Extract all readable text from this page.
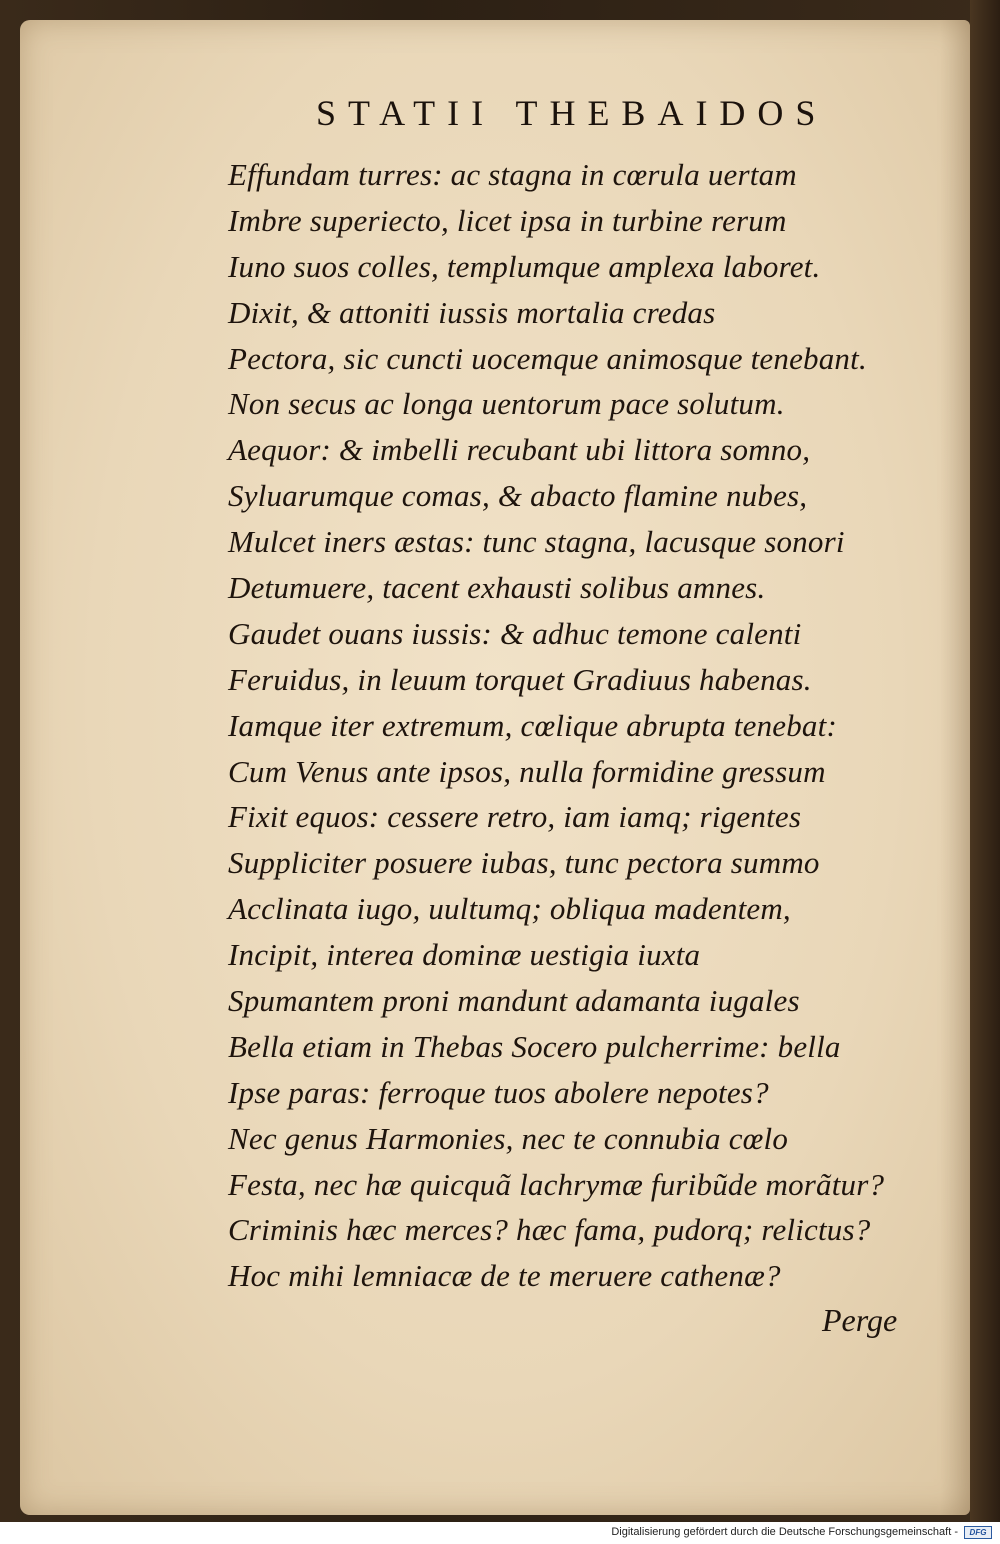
STATII THEBAIDOS
Effundam turres: ac stagna in cœrula uertam
Imbre superiecto, licet ipsa in turbine rerum
Iuno suos colles, templumque amplexa laboret.
Dixit, & attoniti iussis mortalia credas
Pectora, sic cuncti uocemque animosque tenebant.
Non secus ac longa uentorum pace solutum.
Aequor: & imbelli recubant ubi littora somno,
Syluarumque comas, & abacto flamine nubes,
Mulcet iners æstas: tunc stagna, lacusque sonori
Detumuere, tacent exhausti solibus amnes.
Gaudet ouans iussis: & adhuc temone calenti
Feruidus, in leuum torquet Gradiuus habenas.
Iamque iter extremum, cœlique abrupta tenebat:
Cum Venus ante ipsos, nulla formidine gressum
Fixit equos: cessere retro, iam iamq; rigentes
Suppliciter posuere iubas, tunc pectora summo
Acclinata iugo, uultumq; obliqua madentem,
Incipit, interea dominæ uestigia iuxta
Spumantem proni mandunt adamanta iugales
Bella etiam in Thebas Socero pulcherrime: bella
Ipse paras: ferroque tuos abolere nepotes?
Nec genus Harmonies, nec te connubia cœlo
Festa, nec hæ quicquã lachrymæ furibũde morãtur?
Criminis hæc merces? hæc fama, pudorq; relictus?
Hoc mihi lemniacæ de te meruere cathenæ?
Perge
Digitalisierung gefördert durch die Deutsche Forschungsgemeinschaft -	DFG
